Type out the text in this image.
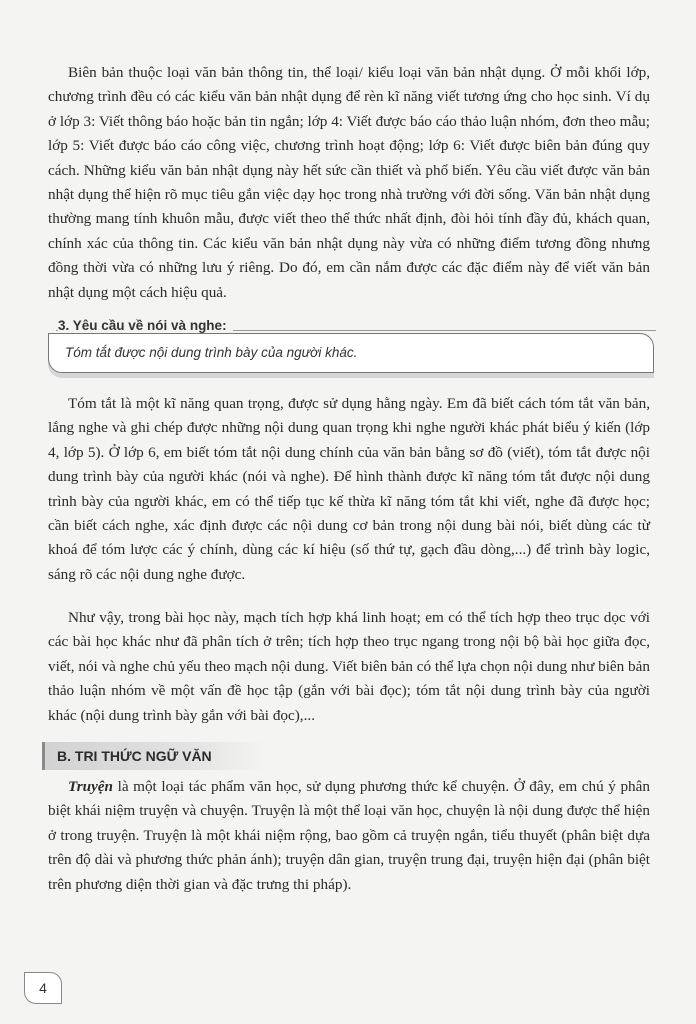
Biên bản thuộc loại văn bản thông tin, thể loại/ kiểu loại văn bản nhật dụng. Ở mỗi khối lớp, chương trình đều có các kiểu văn bản nhật dụng để rèn kĩ năng viết tương ứng cho học sinh. Ví dụ ở lớp 3: Viết thông báo hoặc bản tin ngắn; lớp 4: Viết được báo cáo thảo luận nhóm, đơn theo mẫu; lớp 5: Viết được báo cáo công việc, chương trình hoạt động; lớp 6: Viết được biên bản đúng quy cách. Những kiểu văn bản nhật dụng này hết sức cần thiết và phổ biến. Yêu cầu viết được văn bản nhật dụng thể hiện rõ mục tiêu gắn việc dạy học trong nhà trường với đời sống. Văn bản nhật dụng thường mang tính khuôn mẫu, được viết theo thể thức nhất định, đòi hỏi tính đầy đủ, khách quan, chính xác của thông tin. Các kiểu văn bản nhật dụng này vừa có những điểm tương đồng nhưng đồng thời vừa có những lưu ý riêng. Do đó, em cần nắm được các đặc điểm này để viết văn bản nhật dụng một cách hiệu quả.

3. Yêu cầu về nói và nghe:
Tóm tắt được nội dung trình bày của người khác.

Tóm tắt là một kĩ năng quan trọng, được sử dụng hằng ngày. Em đã biết cách tóm tắt văn bản, lắng nghe và ghi chép được những nội dung quan trọng khi nghe người khác phát biểu ý kiến (lớp 4, lớp 5). Ở lớp 6, em biết tóm tắt nội dung chính của văn bản bằng sơ đồ (viết), tóm tắt được nội dung trình bày của người khác (nói và nghe). Để hình thành được kĩ năng tóm tắt được nội dung trình bày của người khác, em có thể tiếp tục kế thừa kĩ năng tóm tắt khi viết, nghe đã được học; cần biết cách nghe, xác định được các nội dung cơ bản trong nội dung bài nói, biết dùng các từ khoá để tóm lược các ý chính, dùng các kí hiệu (số thứ tự, gạch đầu dòng,...) để trình bày logic, sáng rõ các nội dung nghe được.

Như vậy, trong bài học này, mạch tích hợp khá linh hoạt; em có thể tích hợp theo trục dọc với các bài học khác như đã phân tích ở trên; tích hợp theo trục ngang trong nội bộ bài học giữa đọc, viết, nói và nghe chủ yếu theo mạch nội dung. Viết biên bản có thể lựa chọn nội dung như biên bản thảo luận nhóm về một vấn đề học tập (gắn với bài đọc); tóm tắt nội dung trình bày của người khác (nội dung trình bày gắn với bài đọc),...

B. TRI THỨC NGỮ VĂN

Truyện là một loại tác phẩm văn học, sử dụng phương thức kể chuyện. Ở đây, em chú ý phân biệt khái niệm truyện và chuyện. Truyện là một thể loại văn học, chuyện là nội dung được thể hiện ở trong truyện. Truyện là một khái niệm rộng, bao gồm cả truyện ngắn, tiểu thuyết (phân biệt dựa trên độ dài và phương thức phản ánh); truyện dân gian, truyện trung đại, truyện hiện đại (phân biệt trên phương diện thời gian và đặc trưng thi pháp).

4
